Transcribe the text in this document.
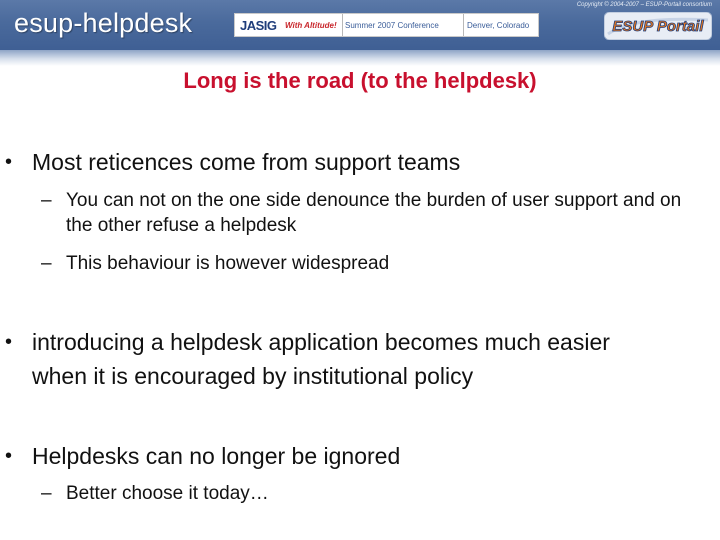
esup-helpdesk	JASIG With Altitude! Summer 2007 Conference	Denver, Colorado
Copyright © 2004-2007 – ESUP-Portail consortium
ESUP Portail
Long is the road (to the helpdesk)
• Most reticences come from support teams
– You can not on the one side denounce the burden of user support and on the other refuse a helpdesk
– This behaviour is however widespread
• introducing a helpdesk application becomes much easier when it is encouraged by institutional policy
• Helpdesks can no longer be ignored
– Better choose it today…
